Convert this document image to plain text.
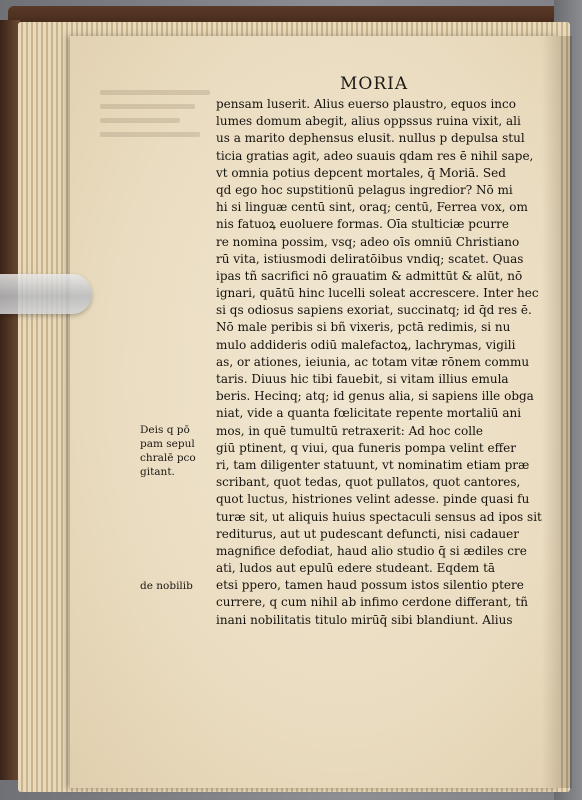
MORIA
pensam luserit. Alius euerso plaustro, equos inco
lumes domum abegit, alius oppssus ruina vixit, ali
us a marito dephensus elusit. nullus p depulsa stul
ticia gratias agit, adeo suauis qdam res ē nihil sape,
vt omnia potius depcent mortales, q̄ Moriā. Sed
qd ego hoc supstitionū pelagus ingredior? Nō mi
hi si linguæ centū sint, oraq; centū, Ferrea vox, om
nis fatuoꝝ euoluere formas. Oīa stulticiæ pcurre
re nomina possim, vsq; adeo oīs omniū Christiano
rū vita, istiusmodi deliratōibus vndiq; scatet. Quas
ipas tñ sacrifici nō grauatim & admittūt & alūt, nō
ignari, quātū hinc lucelli soleat accrescere. Inter hec
si qs odiosus sapiens exoriat, succinatq; id q̄d res ē.
Nō male peribis si bñ vixeris, pctā redimis, si nu
mulo addideris odiū malefactoꝝ, lachrymas, vigili
as, or ationes, ieiunia, ac totam vitæ rōnem commu
taris. Diuus hic tibi fauebit, si vitam illius emula
beris. Hecinq; atq; id genus alia, si sapiens ille obga
niat, vide a quanta fœlicitate repente mortaliū ani
mos, in quē tumultū retraxerit: Ad hoc colle
giū ptinent, q viui, qua funeris pompa velint effer
ri, tam diligenter statuunt, vt nominatim etiam præ
scribant, quot tedas, quot pullatos, quot cantores,
quot luctus, histriones velint adesse. pinde quasi fu
turæ sit, ut aliquis huius spectaculi sensus ad ipos sit
rediturus, aut ut pudescant defuncti, nisi cadauer
magnifice defodiat, haud alio studio q̄ si ædiles cre
ati, ludos aut epulū edere studeant. Eqdem tā
etsi ppero, tamen haud possum istos silentio ptere
currere, q cum nihil ab infimo cerdone differant, tñ
inani nobilitatis titulo mirūq̄ sibi blandiunt. Alius
Deis q pō
pam sepul
chralē pco
gitant.
de nobilib
